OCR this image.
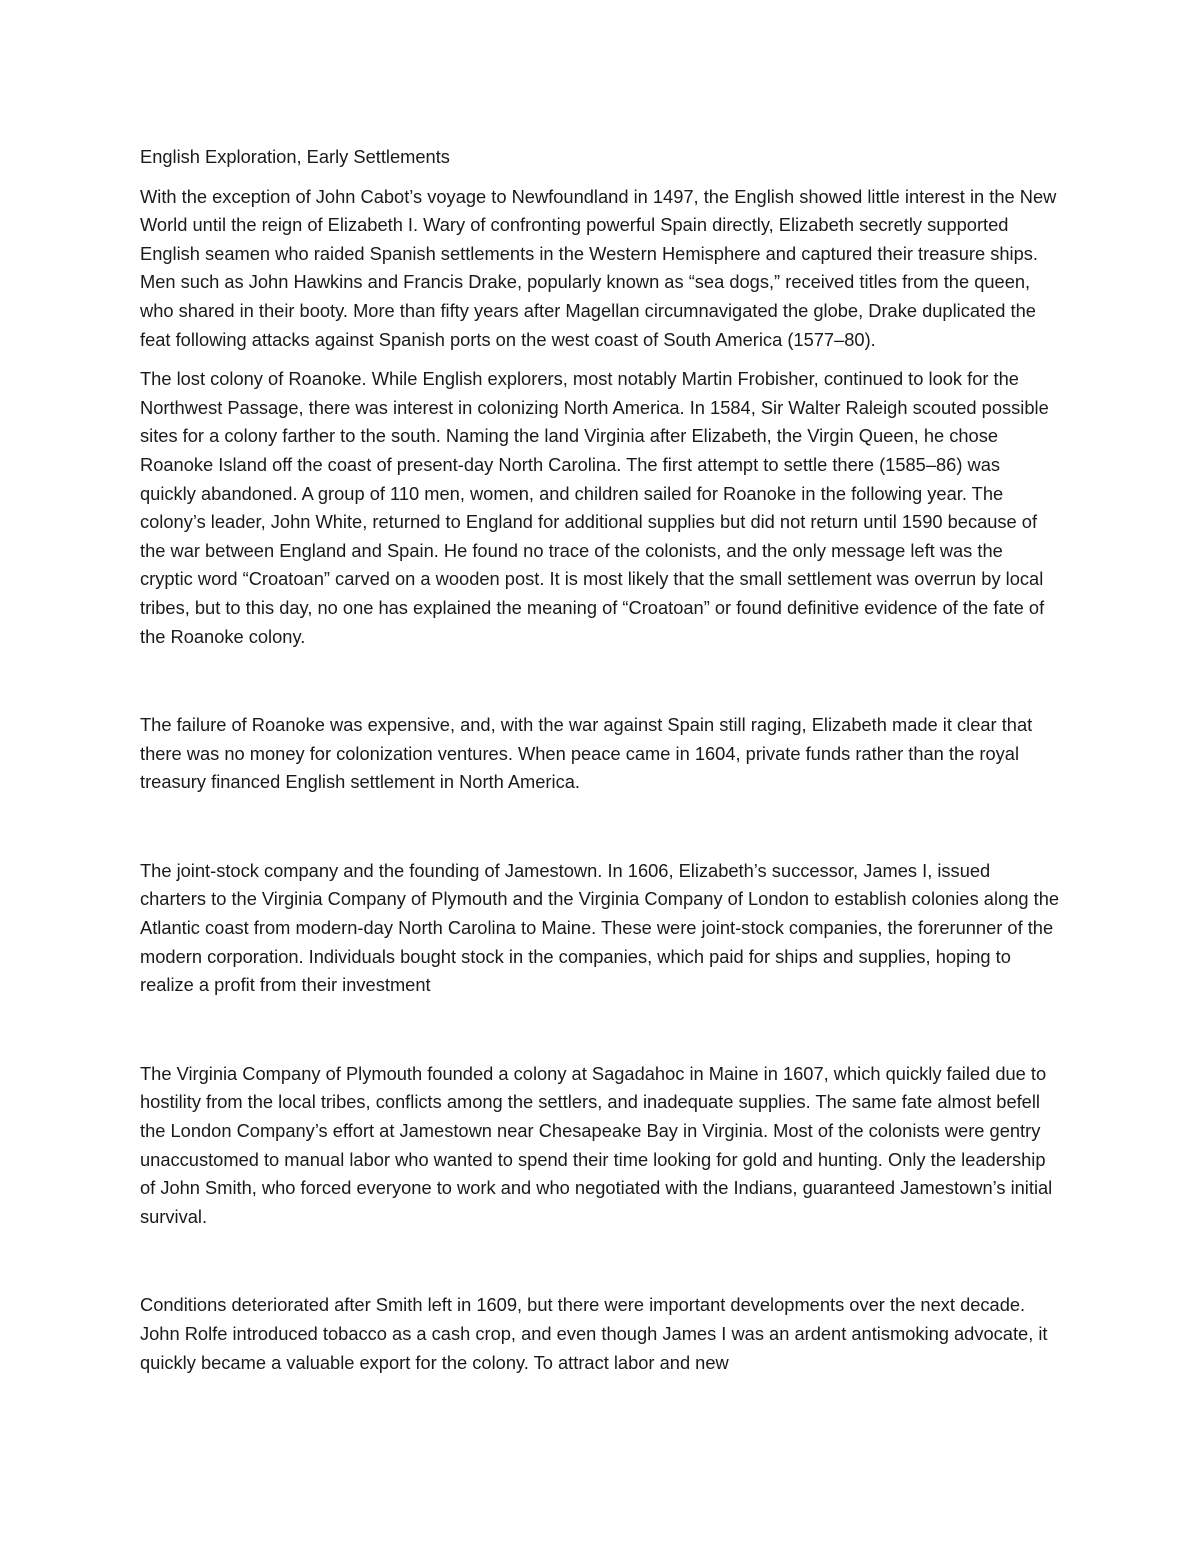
English Exploration, Early Settlements

With the exception of John Cabot’s voyage to Newfoundland in 1497, the English showed little interest in the New World until the reign of Elizabeth I. Wary of confronting powerful Spain directly, Elizabeth secretly supported English seamen who raided Spanish settlements in the Western Hemisphere and captured their treasure ships. Men such as John Hawkins and Francis Drake, popularly known as “sea dogs,” received titles from the queen, who shared in their booty. More than fifty years after Magellan circumnavigated the globe, Drake duplicated the feat following attacks against Spanish ports on the west coast of South America (1577–80).

The lost colony of Roanoke. While English explorers, most notably Martin Frobisher, continued to look for the Northwest Passage, there was interest in colonizing North America. In 1584, Sir Walter Raleigh scouted possible sites for a colony farther to the south. Naming the land Virginia after Elizabeth, the Virgin Queen, he chose Roanoke Island off the coast of present-day North Carolina. The first attempt to settle there (1585–86) was quickly abandoned. A group of 110 men, women, and children sailed for Roanoke in the following year. The colony’s leader, John White, returned to England for additional supplies but did not return until 1590 because of the war between England and Spain. He found no trace of the colonists, and the only message left was the cryptic word “Croatoan” carved on a wooden post. It is most likely that the small settlement was overrun by local tribes, but to this day, no one has explained the meaning of “Croatoan” or found definitive evidence of the fate of the Roanoke colony.

The failure of Roanoke was expensive, and, with the war against Spain still raging, Elizabeth made it clear that there was no money for colonization ventures. When peace came in 1604, private funds rather than the royal treasury financed English settlement in North America.

The joint-stock company and the founding of Jamestown. In 1606, Elizabeth’s successor, James I, issued charters to the Virginia Company of Plymouth and the Virginia Company of London to establish colonies along the Atlantic coast from modern-day North Carolina to Maine. These were joint-stock companies, the forerunner of the modern corporation. Individuals bought stock in the companies, which paid for ships and supplies, hoping to realize a profit from their investment

The Virginia Company of Plymouth founded a colony at Sagadahoc in Maine in 1607, which quickly failed due to hostility from the local tribes, conflicts among the settlers, and inadequate supplies. The same fate almost befell the London Company’s effort at Jamestown near Chesapeake Bay in Virginia. Most of the colonists were gentry unaccustomed to manual labor who wanted to spend their time looking for gold and hunting. Only the leadership of John Smith, who forced everyone to work and who negotiated with the Indians, guaranteed Jamestown’s initial survival.

Conditions deteriorated after Smith left in 1609, but there were important developments over the next decade. John Rolfe introduced tobacco as a cash crop, and even though James I was an ardent antismoking advocate, it quickly became a valuable export for the colony. To attract labor and new
